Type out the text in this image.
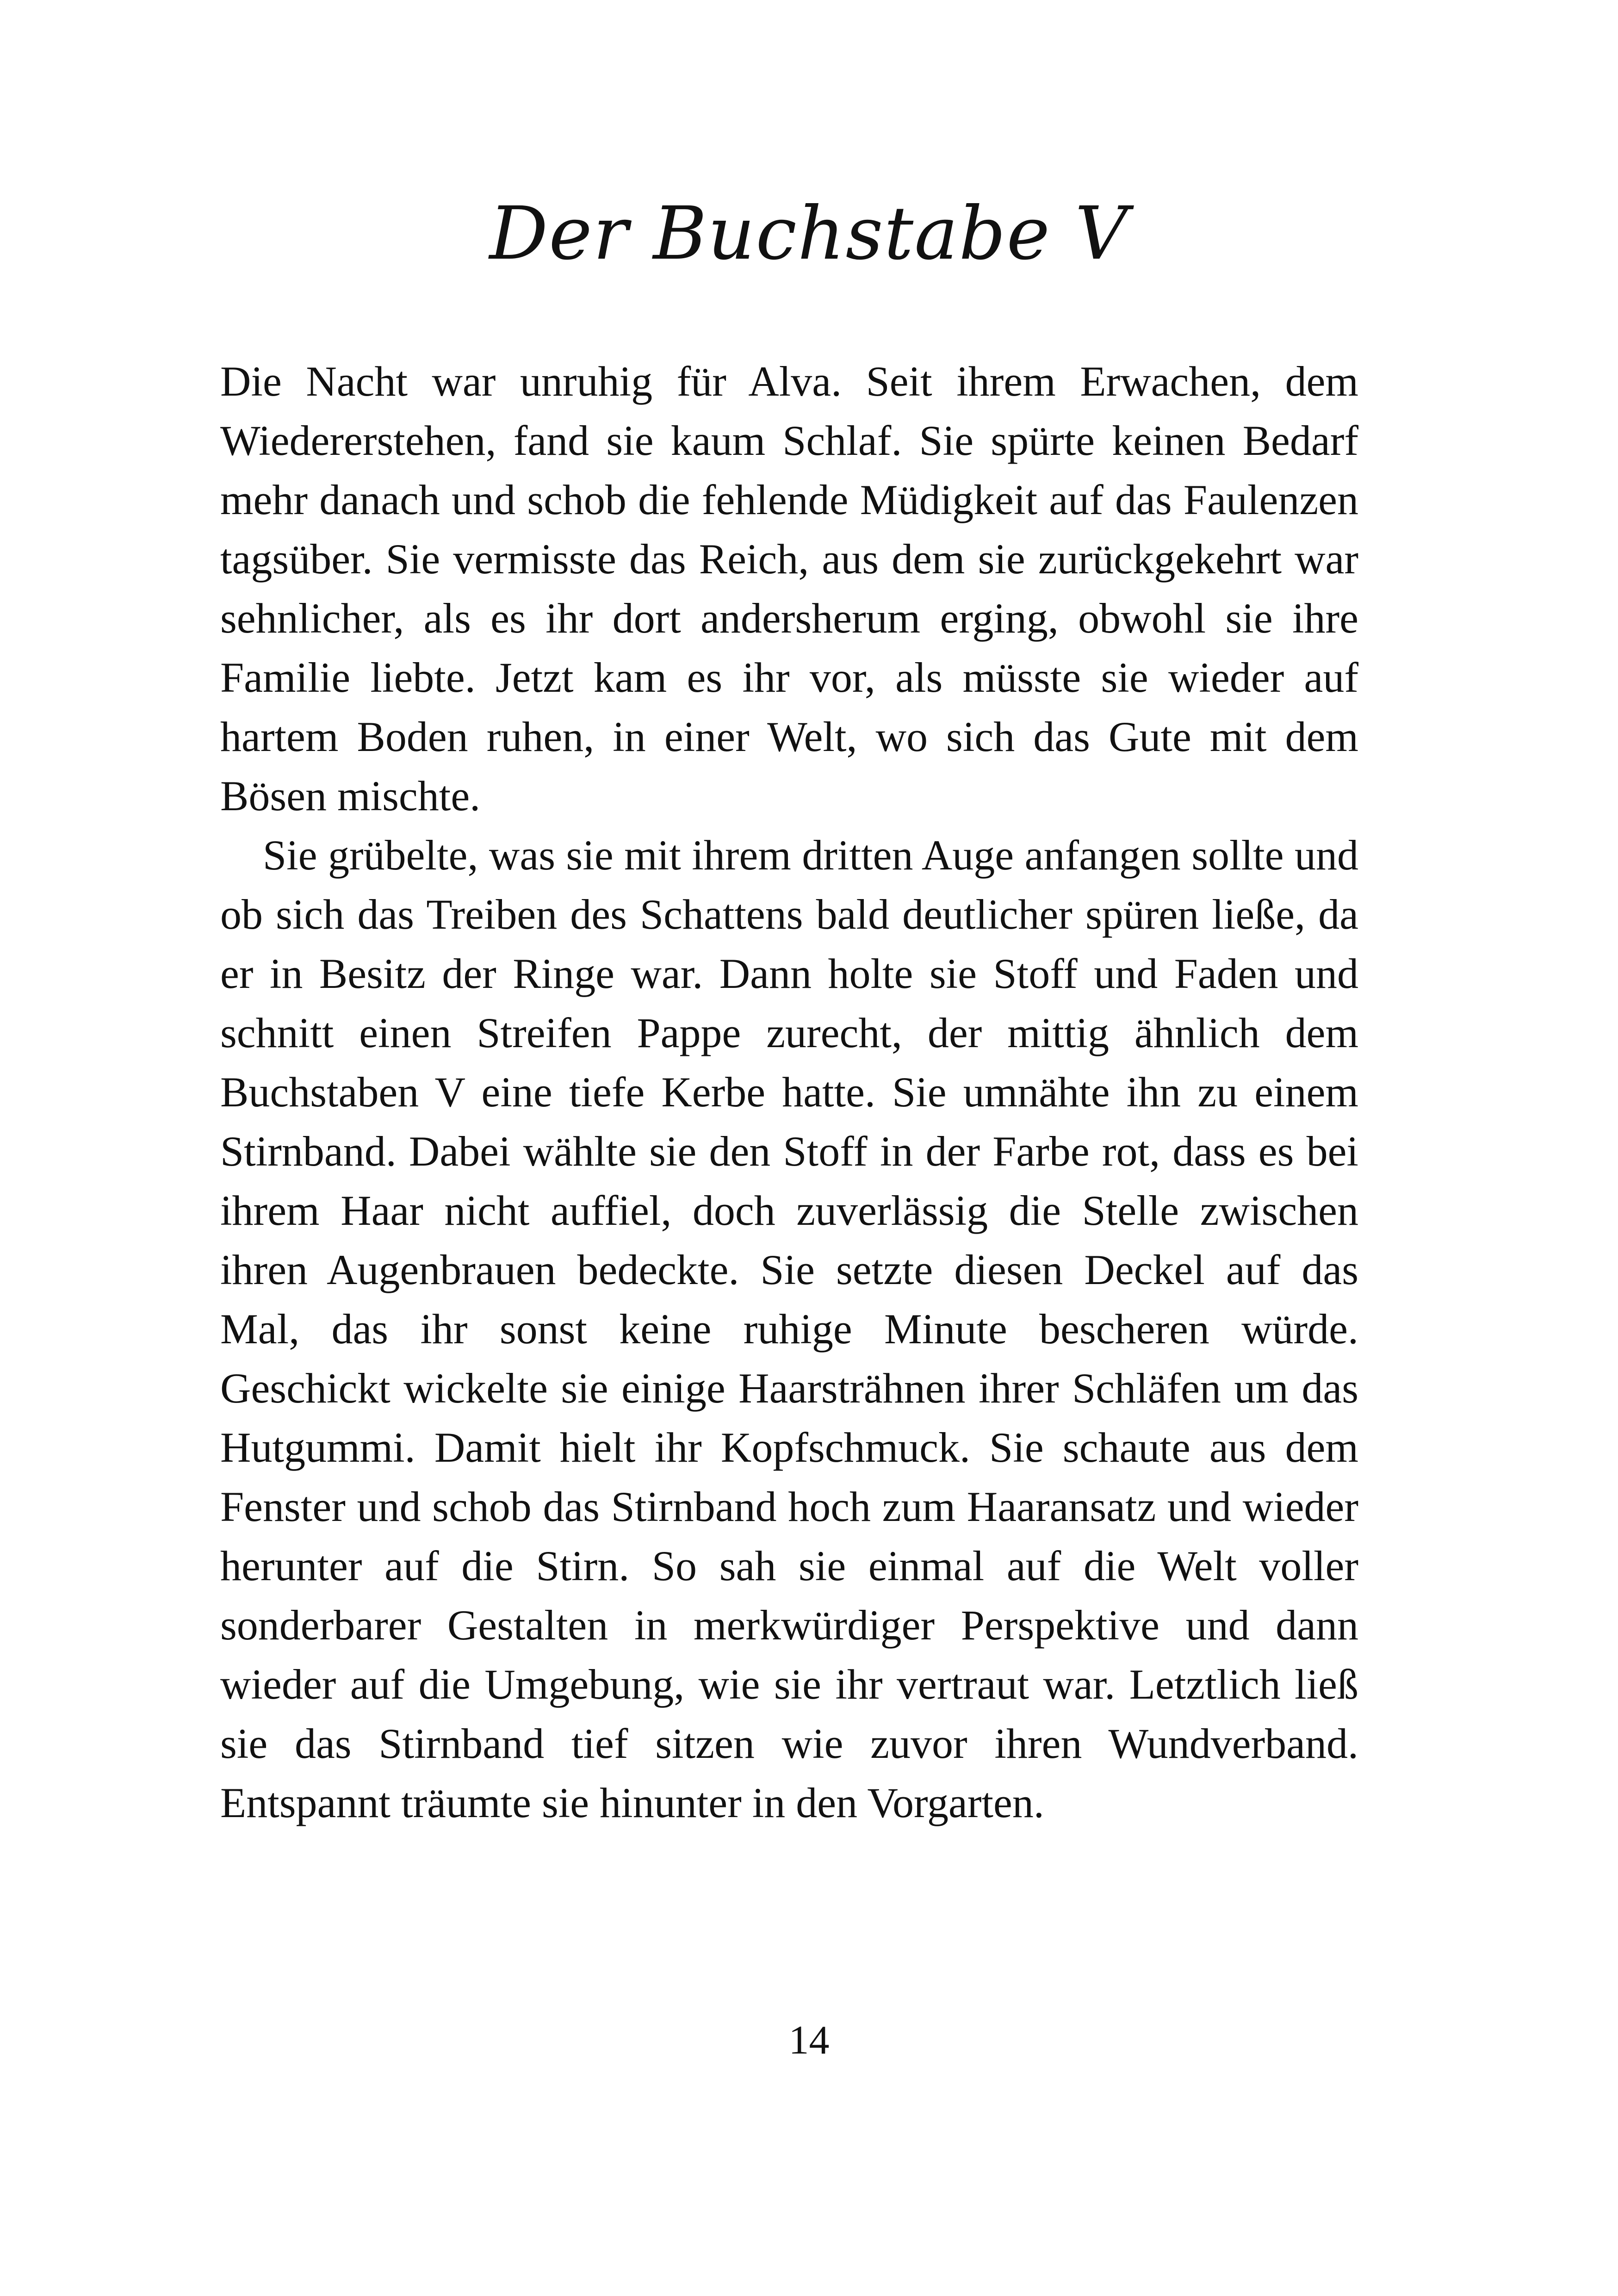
Der Buchstabe V

Die Nacht war unruhig für Alva. Seit ihrem Erwachen, dem Wiedererstehen, fand sie kaum Schlaf. Sie spürte keinen Bedarf mehr danach und schob die fehlende Müdigkeit auf das Faulenzen tagsüber. Sie vermisste das Reich, aus dem sie zurückgekehrt war sehnlicher, als es ihr dort andersherum erging, obwohl sie ihre Familie liebte. Jetzt kam es ihr vor, als müsste sie wieder auf hartem Boden ruhen, in einer Welt, wo sich das Gute mit dem Bösen mischte.

Sie grübelte, was sie mit ihrem dritten Auge anfangen sollte und ob sich das Treiben des Schattens bald deutlicher spüren ließe, da er in Besitz der Ringe war. Dann holte sie Stoff und Faden und schnitt einen Streifen Pappe zurecht, der mittig ähnlich dem Buchstaben V eine tiefe Kerbe hatte. Sie umnähte ihn zu einem Stirnband. Dabei wählte sie den Stoff in der Farbe rot, dass es bei ihrem Haar nicht auffiel, doch zuverlässig die Stelle zwischen ihren Augenbrauen bedeckte. Sie setzte diesen Deckel auf das Mal, das ihr sonst keine ruhige Minute bescheren würde. Geschickt wickelte sie einige Haarsträhnen ihrer Schläfen um das Hutgummi. Damit hielt ihr Kopfschmuck. Sie schaute aus dem Fenster und schob das Stirnband hoch zum Haaransatz und wieder herunter auf die Stirn. So sah sie einmal auf die Welt voller sonderbarer Gestalten in merkwürdiger Perspektive und dann wieder auf die Umgebung, wie sie ihr vertraut war. Letztlich ließ sie das Stirnband tief sitzen wie zuvor ihren Wundverband. Entspannt träumte sie hinunter in den Vorgarten.

14
